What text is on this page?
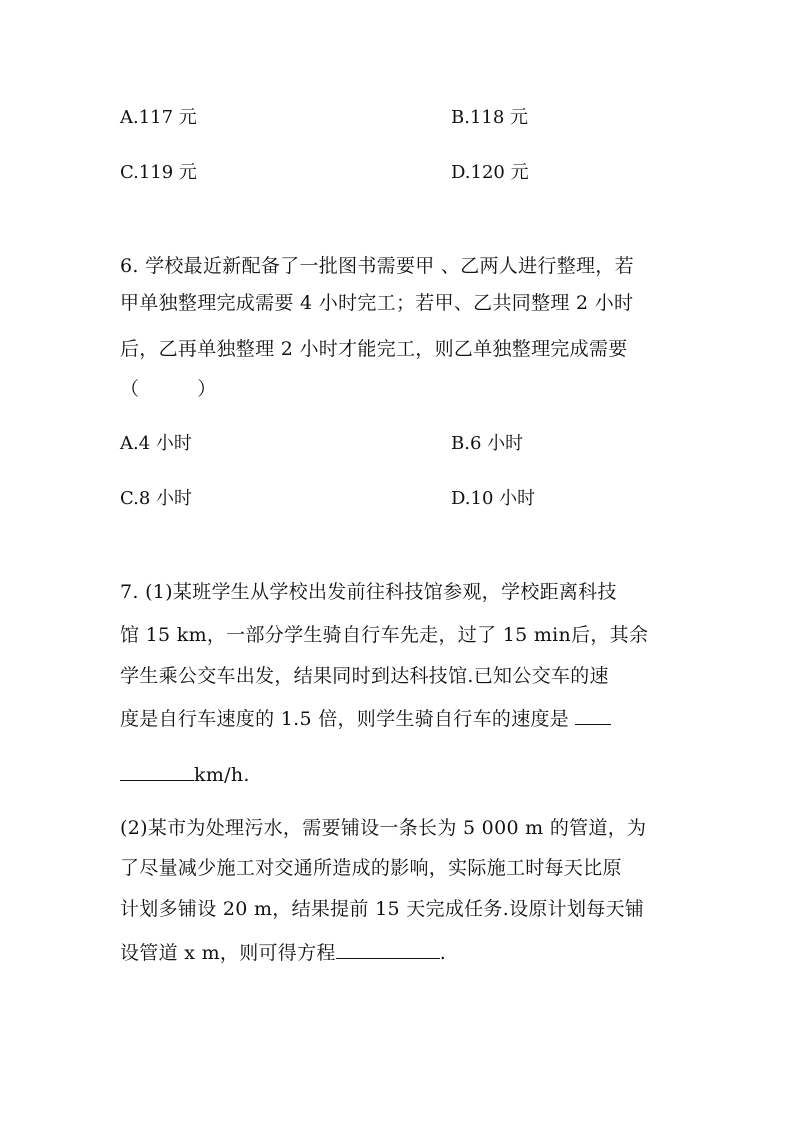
A.117 元	B.118 元
C.119 元	D.120 元
6. 学校最近新配备了一批图书需要甲 、乙两人进行整理，若
甲单独整理完成需要 4 小时完工；若甲、乙共同整理 2 小时
后，乙再单独整理 2 小时才能完工，则乙单独整理完成需要
（　　　）
A.4 小时	B.6 小时
C.8 小时	D.10 小时
7. (1)某班学生从学校出发前往科技馆参观，学校距离科技
馆 15 km，一部分学生骑自行车先走，过了 15 min后，其余
学生乘公交车出发，结果同时到达科技馆.已知公交车的速
度是自行车速度的 1.5 倍，则学生骑自行车的速度是
km/h.
(2)某市为处理污水，需要铺设一条长为 5 000 m 的管道，为
了尽量减少施工对交通所造成的影响，实际施工时每天比原
计划多铺设 20 m，结果提前 15 天完成任务.设原计划每天铺
设管道 x m，则可得方程	.
